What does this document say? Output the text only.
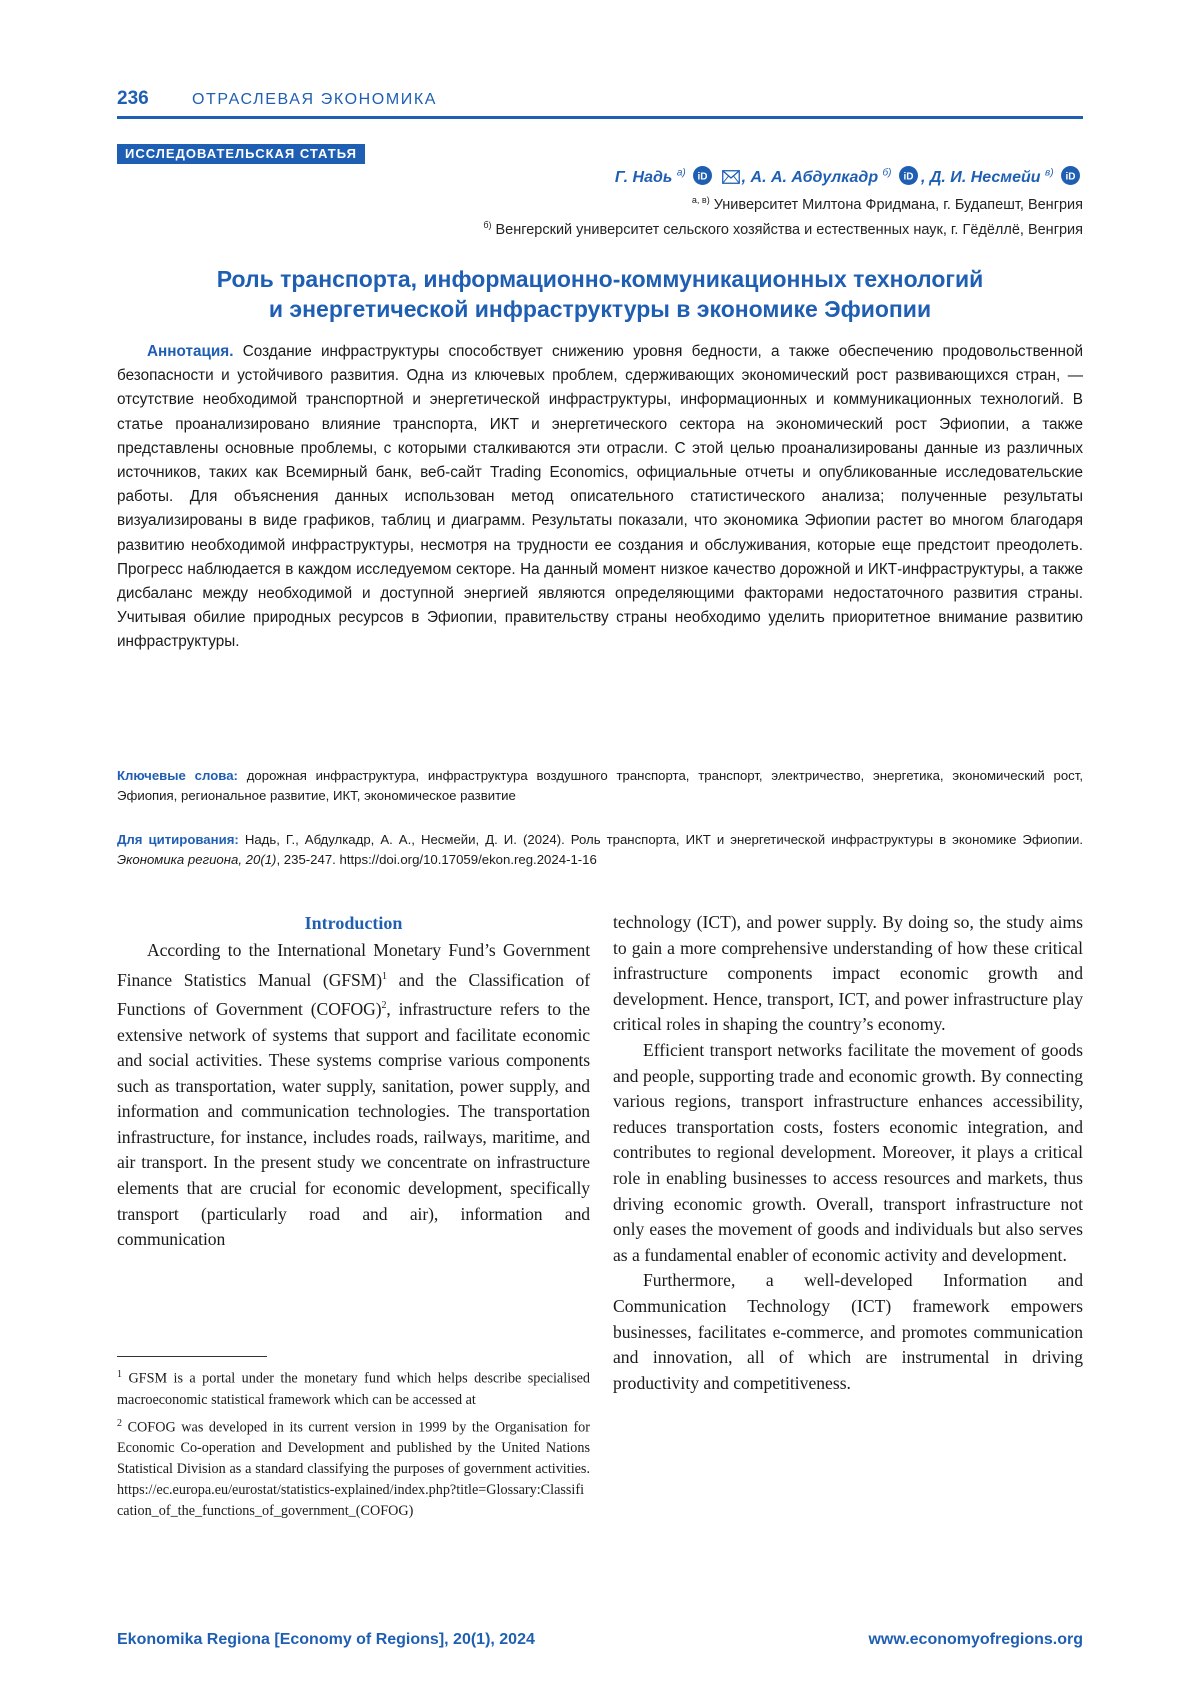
236	ОТРАСЛЕВАЯ ЭКОНОМИКА
ИССЛЕДОВАТЕЛЬСКАЯ СТАТЬЯ
Г. Надь $^{а)}$ iD , А. А. Абдулкадр $^{б)}$ iD , Д. И. Несмейи $^{в)}$ iD
$^{а, в)}$ Университет Милтона Фридмана, г. Будапешт, Венгрия
$^{б)}$ Венгерский университет сельского хозяйства и естественных наук, г. Гёдёллё, Венгрия
Роль транспорта, информационно-коммуникационных технологий
и энергетической инфраструктуры в экономике Эфиопии
Аннотация. Создание инфраструктуры способствует снижению уровня бедности, а также обеспечению продовольственной безопасности и устойчивого развития. Одна из ключевых проблем, сдерживающих экономический рост развивающихся стран, — отсутствие необходимой транспортной и энергетической инфраструктуры, информационных и коммуникационных технологий. В статье проанализировано влияние транспорта, ИКТ и энергетического сектора на экономический рост Эфиопии, а также представлены основные проблемы, с которыми сталкиваются эти отрасли. С этой целью проанализированы данные из различных источников, таких как Всемирный банк, веб-сайт Trading Economics, официальные отчеты и опубликованные исследовательские работы. Для объяснения данных использован метод описательного статистического анализа; полученные результаты визуализированы в виде графиков, таблиц и диаграмм. Результаты показали, что экономика Эфиопии растет во многом благодаря развитию необходимой инфраструктуры, несмотря на трудности ее создания и обслуживания, которые еще предстоит преодолеть. Прогресс наблюдается в каждом исследуемом секторе. На данный момент низкое качество дорожной и ИКТ-инфраструктуры, а также дисбаланс между необходимой и доступной энергией являются определяющими факторами недостаточного развития страны. Учитывая обилие природных ресурсов в Эфиопии, правительству страны необходимо уделить приоритетное внимание развитию инфраструктуры.
Ключевые слова: дорожная инфраструктура, инфраструктура воздушного транспорта, транспорт, электричество, энергетика, экономический рост, Эфиопия, региональное развитие, ИКТ, экономическое развитие
Для цитирования: Надь, Г., Абдулкадр, А. А., Несмейи, Д. И. (2024). Роль транспорта, ИКТ и энергетической инфраструктуры в экономике Эфиопии. Экономика региона, 20(1), 235-247. https://doi.org/10.17059/ekon.reg.2024-1-16
Introduction

According to the International Monetary Fund’s Government Finance Statistics Manual (GFSM)$^1$ and the Classification of Functions of Government (COFOG)$^2$, infrastructure refers to the extensive network of systems that support and facilitate economic and social activities. These systems comprise various components such as transportation, water supply, sanitation, power supply, and information and communication technologies. The transportation infrastructure, for instance, includes roads, railways, maritime, and air transport. In the present study we concentrate on infrastructure elements that are crucial for economic development, specifically transport (particularly road and air), information and communication

$^1$ GFSM is a portal under the monetary fund which helps describe specialised macroeconomic statistical framework which can be accessed at

$^2$ COFOG was developed in its current version in 1999 by the Organisation for Economic Co-operation and Development and published by the United Nations Statistical Division as a standard classifying the purposes of government activities. https://ec.europa.eu/eurostat/statistics-explained/index.php?title=Glossary:Classification_of_the_functions_of_government_(COFOG)

technology (ICT), and power supply. By doing so, the study aims to gain a more comprehensive understanding of how these critical infrastructure components impact economic growth and development. Hence, transport, ICT, and power infrastructure play critical roles in shaping the country’s economy.

Efficient transport networks facilitate the movement of goods and people, supporting trade and economic growth. By connecting various regions, transport infrastructure enhances accessibility, reduces transportation costs, fosters economic integration, and contributes to regional development. Moreover, it plays a critical role in enabling businesses to access resources and markets, thus driving economic growth. Overall, transport infrastructure not only eases the movement of goods and individuals but also serves as a fundamental enabler of economic activity and development.

Furthermore, a well-developed Information and Communication Technology (ICT) framework empowers businesses, facilitates e-commerce, and promotes communication and innovation, all of which are instrumental in driving productivity and competitiveness.

Ekonomika Regiona [Economy of Regions], 20(1), 2024	www.economyofregions.org
